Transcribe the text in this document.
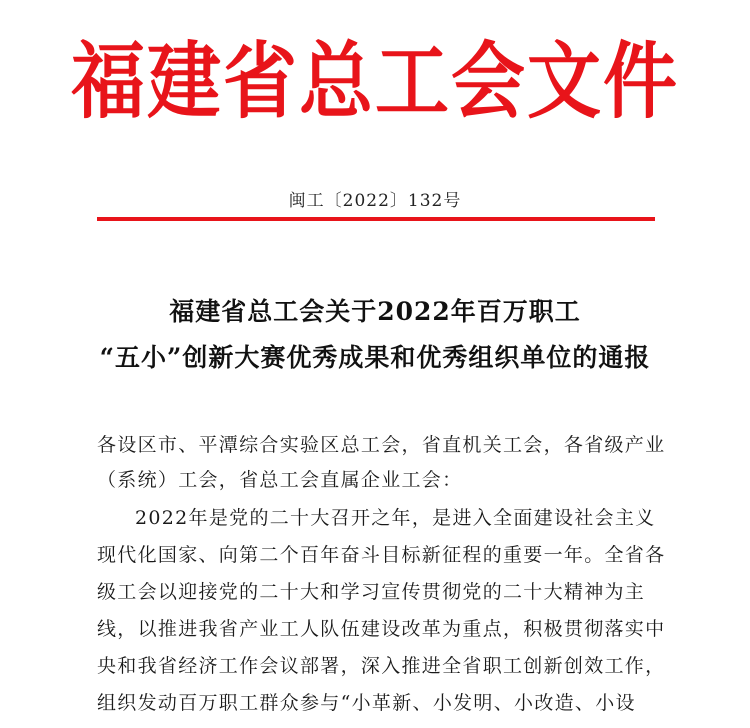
福建省总工会文件
闽工〔2022〕132号
福建省总工会关于2022年百万职工
“五小”创新大赛优秀成果和优秀组织单位的通报
各设区市、平潭综合实验区总工会，省直机关工会，各省级产业
（系统）工会，省总工会直属企业工会：
2022年是党的二十大召开之年，是进入全面建设社会主义
现代化国家、向第二个百年奋斗目标新征程的重要一年。全省各
级工会以迎接党的二十大和学习宣传贯彻党的二十大精神为主
线，以推进我省产业工人队伍建设改革为重点，积极贯彻落实中
央和我省经济工作会议部署，深入推进全省职工创新创效工作，
组织发动百万职工群众参与“小革新、小发明、小改造、小设
